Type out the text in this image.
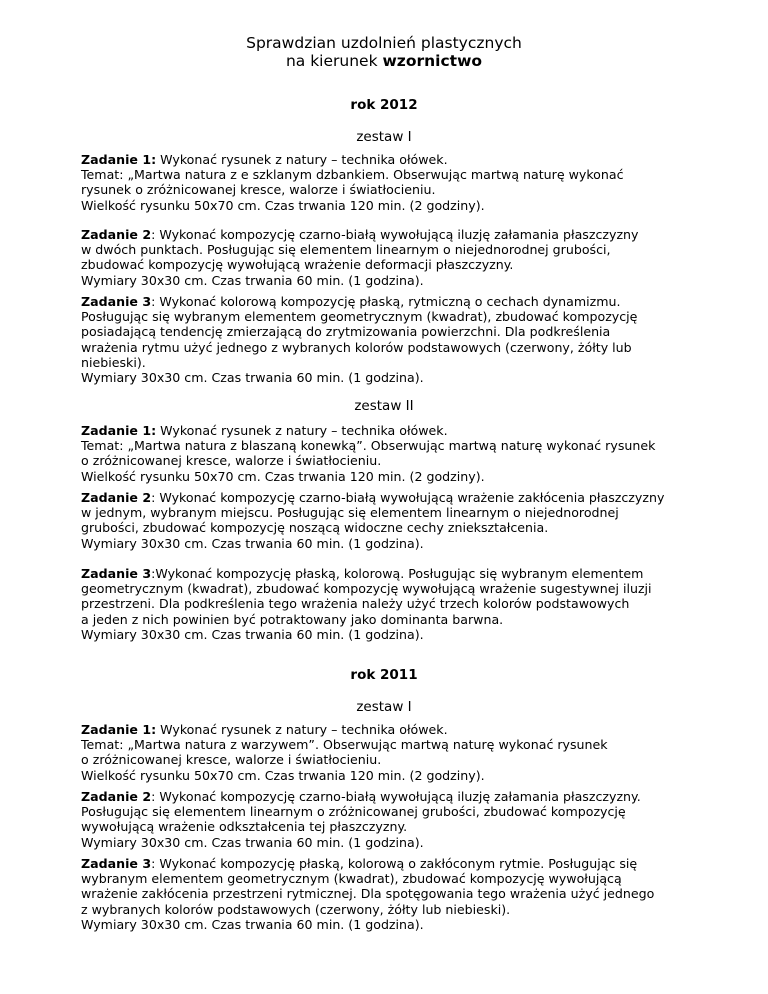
Sprawdzian uzdolnień plastycznych
na kierunek wzornictwo
rok 2012
zestaw I

Zadanie 1: Wykonać rysunek z natury – technika ołówek.

Temat: „Martwa natura z e szklanym dzbankiem. Obserwując martwą naturę wykonać

rysunek o zróżnicowanej kresce, walorze i światłocieniu.

Wielkość rysunku 50x70 cm. Czas trwania 120 min. (2 godziny).

Zadanie 2: Wykonać kompozycję czarno-białą wywołującą iluzję załamania płaszczyzny

w dwóch punktach. Posługując się elementem linearnym o niejednorodnej grubości,

zbudować kompozycję wywołującą wrażenie deformacji płaszczyzny.

Wymiary 30x30 cm. Czas trwania 60 min. (1 godzina).

Zadanie 3: Wykonać kolorową kompozycję płaską, rytmiczną o cechach dynamizmu.

Posługując się wybranym elementem geometrycznym (kwadrat), zbudować kompozycję

posiadającą tendencję zmierzającą do zrytmizowania powierzchni. Dla podkreślenia

wrażenia rytmu użyć jednego z wybranych kolorów podstawowych (czerwony, żółty lub

niebieski).

Wymiary 30x30 cm. Czas trwania 60 min. (1 godzina).

zestaw II

Zadanie 1: Wykonać rysunek z natury – technika ołówek.

Temat: „Martwa natura z blaszaną konewką”. Obserwując martwą naturę wykonać rysunek

o zróżnicowanej kresce, walorze i światłocieniu.

Wielkość rysunku 50x70 cm. Czas trwania 120 min. (2 godziny).

Zadanie 2: Wykonać kompozycję czarno-białą wywołującą wrażenie zakłócenia płaszczyzny

w jednym, wybranym miejscu. Posługując się elementem linearnym o niejednorodnej

grubości, zbudować kompozycję noszącą widoczne cechy zniekształcenia.

Wymiary 30x30 cm. Czas trwania 60 min. (1 godzina).

Zadanie 3:Wykonać kompozycję płaską, kolorową. Posługując się wybranym elementem

geometrycznym (kwadrat), zbudować kompozycję wywołującą wrażenie sugestywnej iluzji

przestrzeni. Dla podkreślenia tego wrażenia należy użyć trzech kolorów podstawowych

a jeden z nich powinien być potraktowany jako dominanta barwna.

Wymiary 30x30 cm. Czas trwania 60 min. (1 godzina).

rok 2011
zestaw I

Zadanie 1: Wykonać rysunek z natury – technika ołówek.

Temat: „Martwa natura z warzywem”. Obserwując martwą naturę wykonać rysunek

o zróżnicowanej kresce, walorze i światłocieniu.

Wielkość rysunku 50x70 cm. Czas trwania 120 min. (2 godziny).

Zadanie 2: Wykonać kompozycję czarno-białą wywołującą iluzję załamania płaszczyzny.

Posługując się elementem linearnym o zróżnicowanej grubości, zbudować kompozycję

wywołującą wrażenie odkształcenia tej płaszczyzny.

Wymiary 30x30 cm. Czas trwania 60 min. (1 godzina).

Zadanie 3: Wykonać kompozycję płaską, kolorową o zakłóconym rytmie. Posługując się

wybranym elementem geometrycznym (kwadrat), zbudować kompozycję wywołującą

wrażenie zakłócenia przestrzeni rytmicznej. Dla spotęgowania tego wrażenia użyć jednego

z wybranych kolorów podstawowych (czerwony, żółty lub niebieski).

Wymiary 30x30 cm. Czas trwania 60 min. (1 godzina).
